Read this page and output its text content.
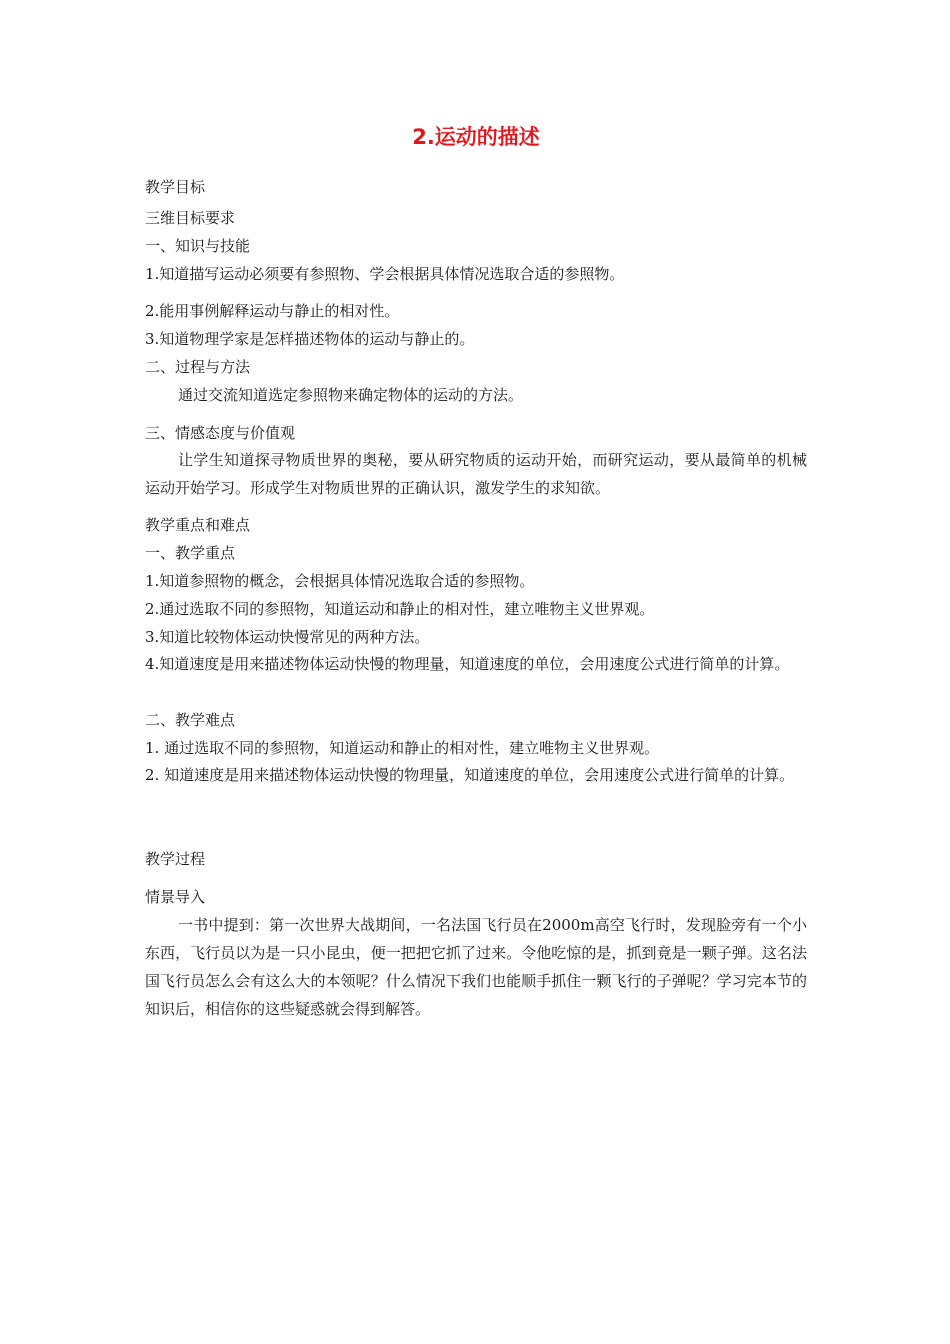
2.运动的描述
教学目标
三维目标要求
一、知识与技能
1.知道描写运动必须要有参照物、学会根据具体情况选取合适的参照物。
2.能用事例解释运动与静止的相对性。
3.知道物理学家是怎样描述物体的运动与静止的。
二、过程与方法
通过交流知道选定参照物来确定物体的运动的方法。
三、情感态度与价值观
让学生知道探寻物质世界的奥秘，要从研究物质的运动开始，而研究运动，要从最简单的机械运动开始学习。形成学生对物质世界的正确认识，激发学生的求知欲。
教学重点和难点
一、教学重点
1.知道参照物的概念，会根据具体情况选取合适的参照物。
2.通过选取不同的参照物，知道运动和静止的相对性，建立唯物主义世界观。
3.知道比较物体运动快慢常见的两种方法。
4.知道速度是用来描述物体运动快慢的物理量，知道速度的单位，会用速度公式进行简单的计算。
二、教学难点
1. 通过选取不同的参照物，知道运动和静止的相对性，建立唯物主义世界观。
2. 知道速度是用来描述物体运动快慢的物理量，知道速度的单位，会用速度公式进行简单的计算。
教学过程
情景导入
一书中提到：第一次世界大战期间，一名法国飞行员在2000m高空飞行时，发现脸旁有一个小东西，飞行员以为是一只小昆虫，便一把把它抓了过来。令他吃惊的是，抓到竟是一颗子弹。这名法国飞行员怎么会有这么大的本领呢？什么情况下我们也能顺手抓住一颗飞行的子弹呢？学习完本节的知识后，相信你的这些疑惑就会得到解答。
